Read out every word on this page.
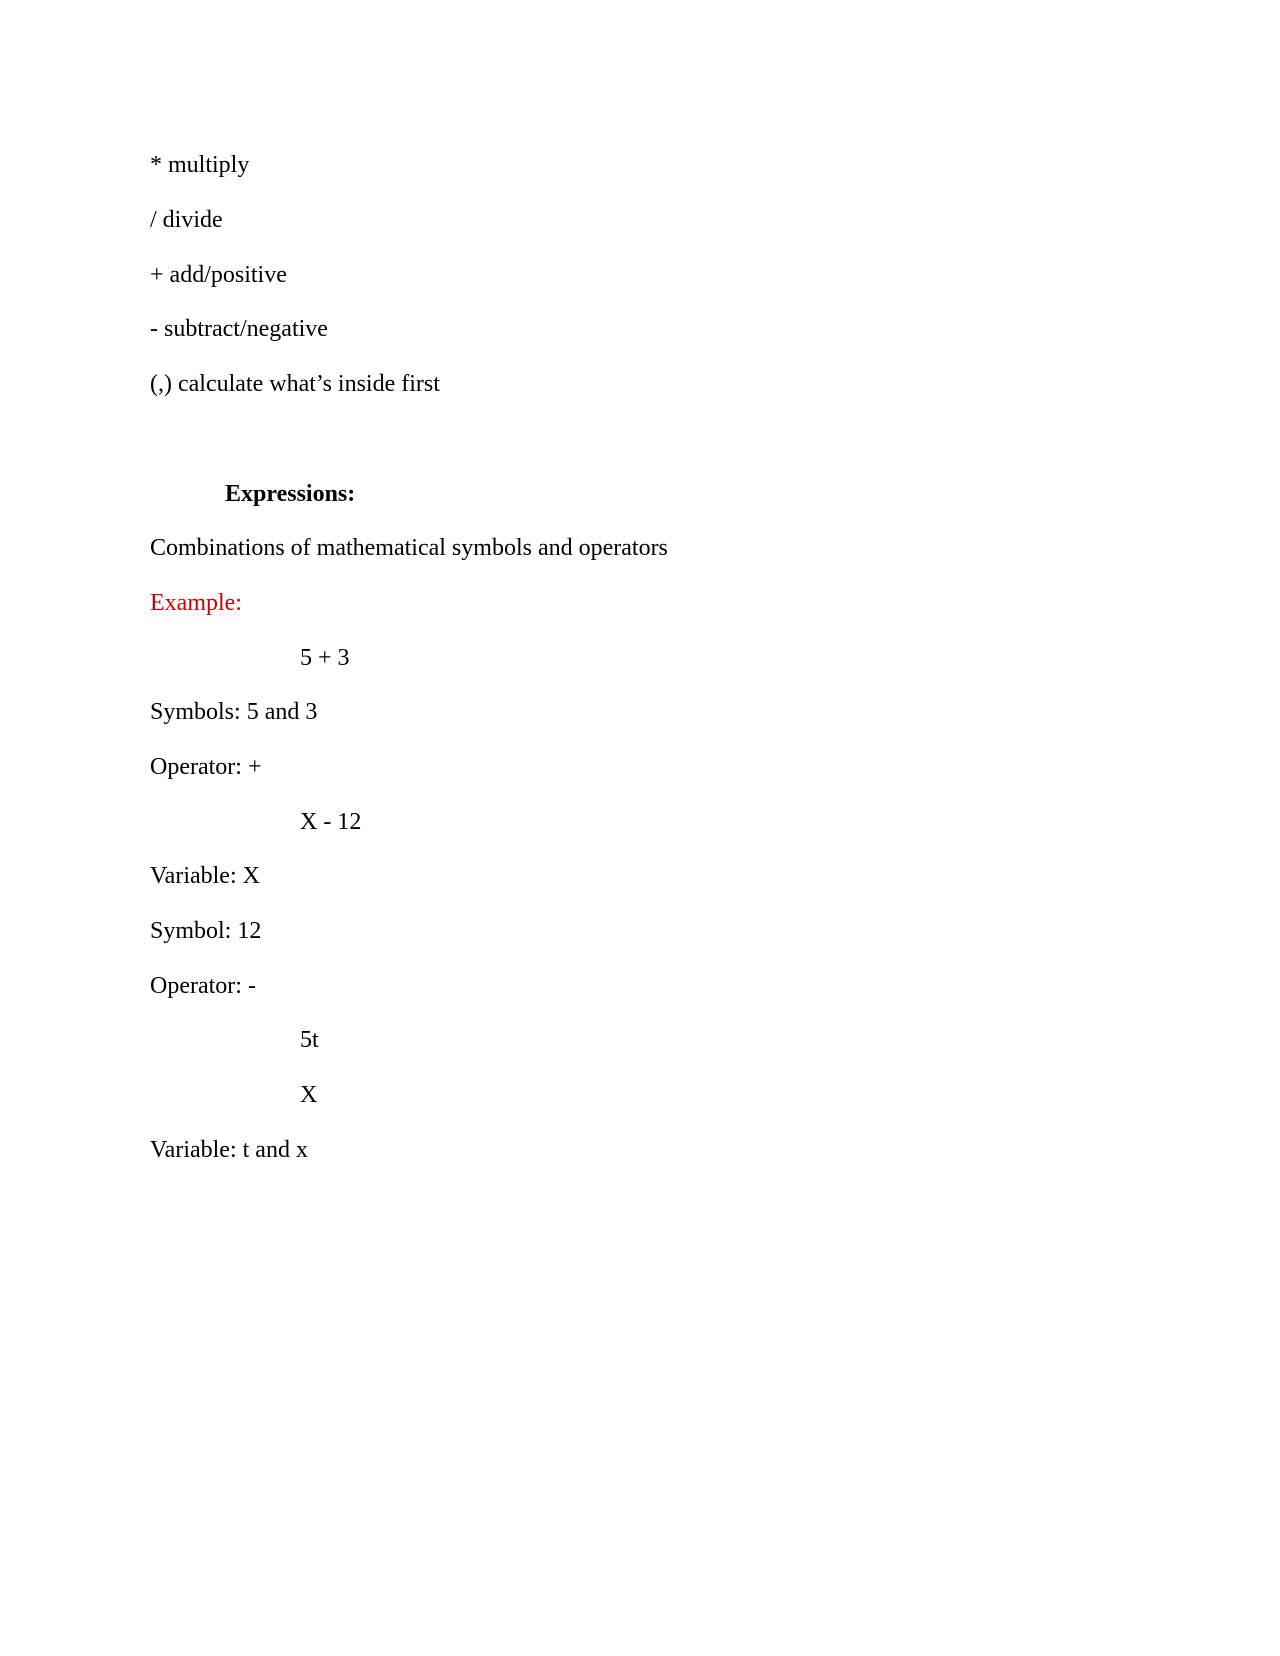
* multiply

/ divide

+ add/positive

- subtract/negative

(,) calculate what’s inside first

Expressions:

Combinations of mathematical symbols and operators

Example:

5 + 3

Symbols: 5 and 3

Operator: +

X - 12

Variable: X

Symbol: 12

Operator: -

5t

X

Variable: t and x
